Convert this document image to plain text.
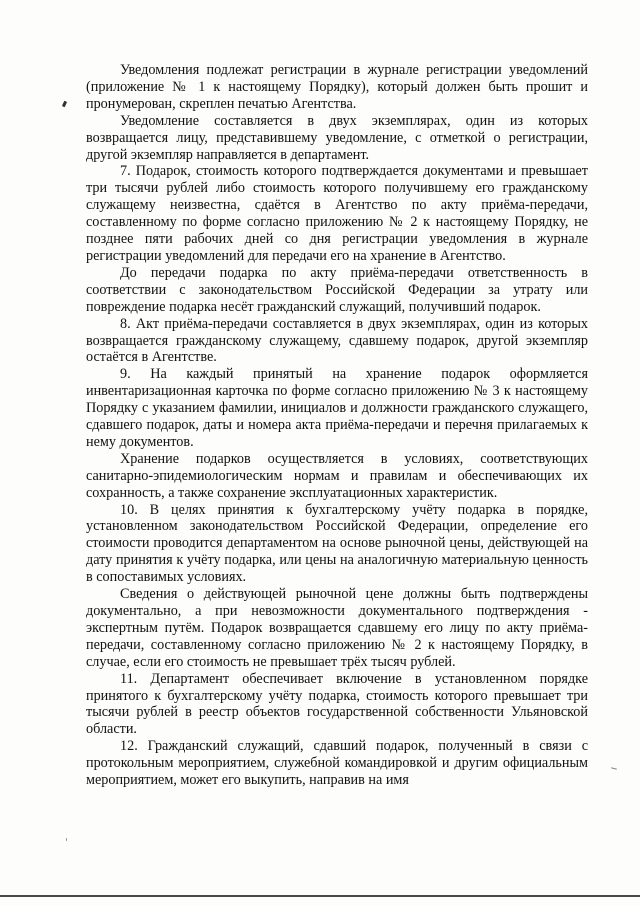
Уведомления подлежат регистрации в журнале регистрации уведомлений (приложение № 1 к настоящему Порядку), который должен быть прошит и пронумерован, скреплен печатью Агентства.

Уведомление составляется в двух экземплярах, один из которых возвращается лицу, представившему уведомление, с отметкой о регистрации, другой экземпляр направляется в департамент.

7. Подарок, стоимость которого подтверждается документами и превышает три тысячи рублей либо стоимость которого получившему его гражданскому служащему неизвестна, сдаётся в Агентство по акту приёма-передачи, составленному по форме согласно приложению № 2 к настоящему Порядку, не позднее пяти рабочих дней со дня регистрации уведомления в журнале регистрации уведомлений для передачи его на хранение в Агентство.

До передачи подарка по акту приёма-передачи ответственность в соответствии с законодательством Российской Федерации за утрату или повреждение подарка несёт гражданский служащий, получивший подарок.

8. Акт приёма-передачи составляется в двух экземплярах, один из которых возвращается гражданскому служащему, сдавшему подарок, другой экземпляр остаётся в Агентстве.

9. На каждый принятый на хранение подарок оформляется инвентаризационная карточка по форме согласно приложению № 3 к настоящему Порядку с указанием фамилии, инициалов и должности гражданского служащего, сдавшего подарок, даты и номера акта приёма-передачи и перечня прилагаемых к нему документов.

Хранение подарков осуществляется в условиях, соответствующих санитарно-эпидемиологическим нормам и правилам и обеспечивающих их сохранность, а также сохранение эксплуатационных характеристик.

10. В целях принятия к бухгалтерскому учёту подарка в порядке, установленном законодательством Российской Федерации, определение его стоимости проводится департаментом на основе рыночной цены, действующей на дату принятия к учёту подарка, или цены на аналогичную материальную ценность в сопоставимых условиях.

Сведения о действующей рыночной цене должны быть подтверждены документально, а при невозможности документального подтверждения - экспертным путём. Подарок возвращается сдавшему его лицу по акту приёма-передачи, составленному согласно приложению № 2 к настоящему Порядку, в случае, если его стоимость не превышает трёх тысяч рублей.

11. Департамент обеспечивает включение в установленном порядке принятого к бухгалтерскому учёту подарка, стоимость которого превышает три тысячи рублей в реестр объектов государственной собственности Ульяновской области.

12. Гражданский служащий, сдавший подарок, полученный в связи с протокольным мероприятием, служебной командировкой и другим официальным мероприятием, может его выкупить, направив на имя
